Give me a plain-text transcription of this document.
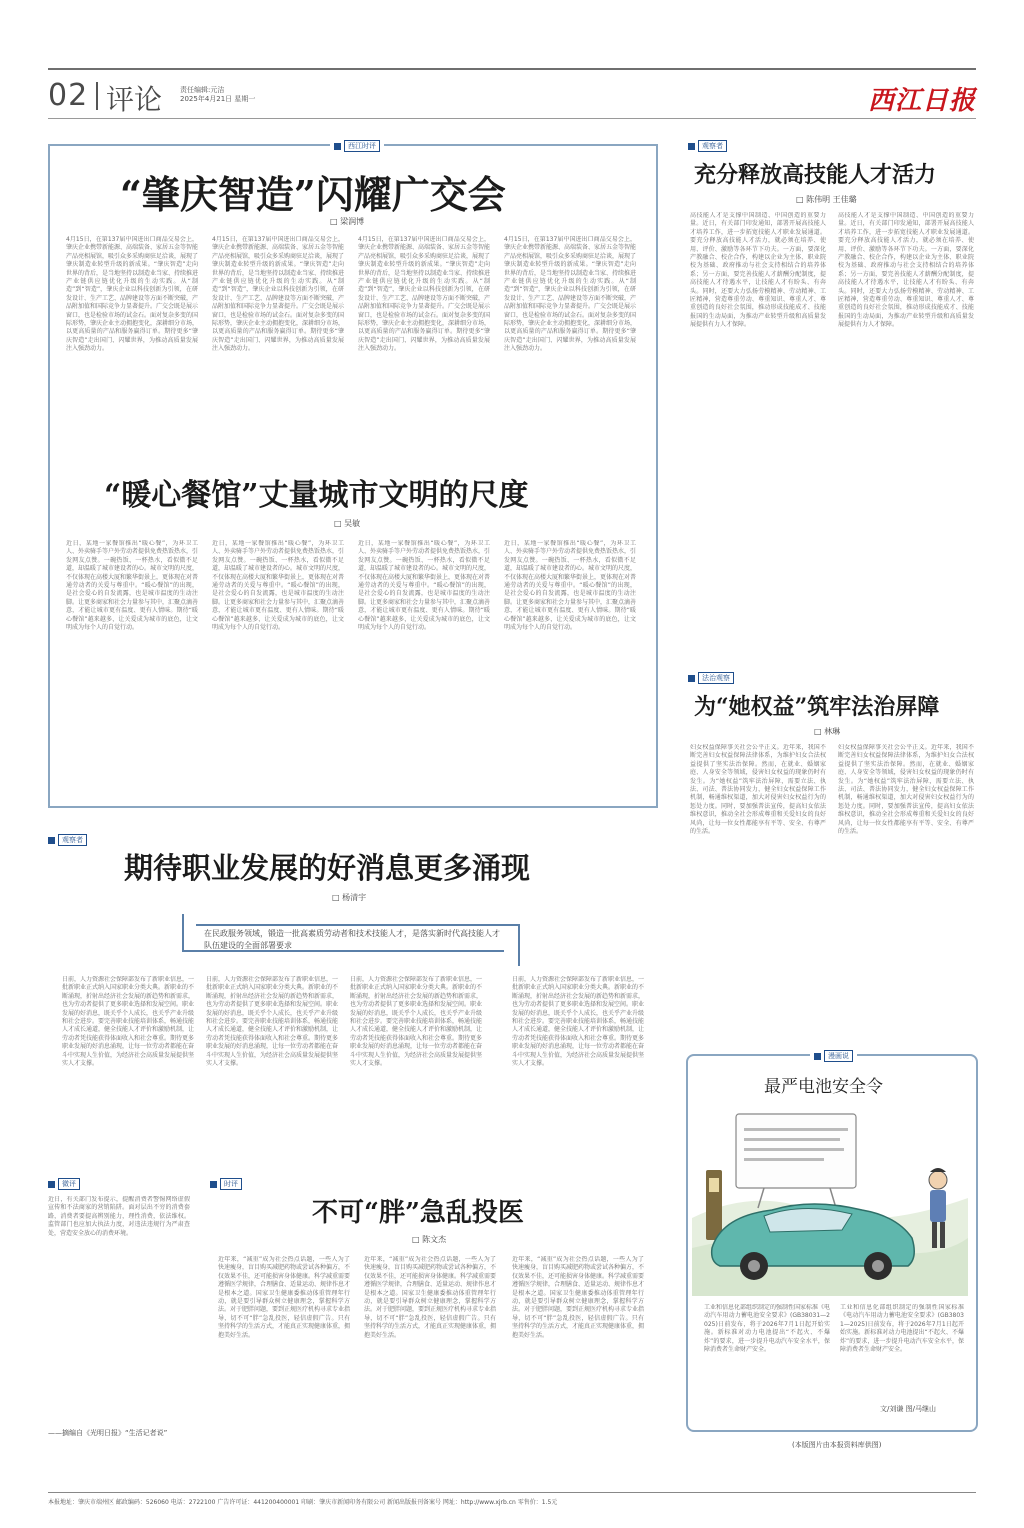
02 评论	责任编辑:元洁
2025年4月21日 星期一	西江日报
西江时评
“肇庆智造”闪耀广交会
□ 梁润博
4月15日，在第137届中国进出口商品交易会上，肇庆企业携带新能源、高端装备、家居五金等智能产品亮相展馆，吸引众多采购商驻足洽谈，展现了肇庆制造业转型升级的新成果。“肇庆智造”走向世界的背后，是当地坚持以制造业当家、持续推进产业链供应链优化升级的生动实践。从“制造”到“智造”，肇庆企业以科技创新为引领，在研发设计、生产工艺、品牌建设等方面不断突破，产品附加值和国际竞争力显著提升。广交会既是展示窗口，也是检验市场的试金石。面对复杂多变的国际形势，肇庆企业主动拥抱变化，深耕细分市场，以更高质量的产品和服务赢得订单。期待更多“肇庆智造”走出国门、闪耀世界，为推动高质量发展注入强劲动力。
4月15日，在第137届中国进出口商品交易会上，肇庆企业携带新能源、高端装备、家居五金等智能产品亮相展馆，吸引众多采购商驻足洽谈，展现了肇庆制造业转型升级的新成果。“肇庆智造”走向世界的背后，是当地坚持以制造业当家、持续推进产业链供应链优化升级的生动实践。从“制造”到“智造”，肇庆企业以科技创新为引领，在研发设计、生产工艺、品牌建设等方面不断突破，产品附加值和国际竞争力显著提升。广交会既是展示窗口，也是检验市场的试金石。面对复杂多变的国际形势，肇庆企业主动拥抱变化，深耕细分市场，以更高质量的产品和服务赢得订单。期待更多“肇庆智造”走出国门、闪耀世界，为推动高质量发展注入强劲动力。
4月15日，在第137届中国进出口商品交易会上，肇庆企业携带新能源、高端装备、家居五金等智能产品亮相展馆，吸引众多采购商驻足洽谈，展现了肇庆制造业转型升级的新成果。“肇庆智造”走向世界的背后，是当地坚持以制造业当家、持续推进产业链供应链优化升级的生动实践。从“制造”到“智造”，肇庆企业以科技创新为引领，在研发设计、生产工艺、品牌建设等方面不断突破，产品附加值和国际竞争力显著提升。广交会既是展示窗口，也是检验市场的试金石。面对复杂多变的国际形势，肇庆企业主动拥抱变化，深耕细分市场，以更高质量的产品和服务赢得订单。期待更多“肇庆智造”走出国门、闪耀世界，为推动高质量发展注入强劲动力。
4月15日，在第137届中国进出口商品交易会上，肇庆企业携带新能源、高端装备、家居五金等智能产品亮相展馆，吸引众多采购商驻足洽谈，展现了肇庆制造业转型升级的新成果。“肇庆智造”走向世界的背后，是当地坚持以制造业当家、持续推进产业链供应链优化升级的生动实践。从“制造”到“智造”，肇庆企业以科技创新为引领，在研发设计、生产工艺、品牌建设等方面不断突破，产品附加值和国际竞争力显著提升。广交会既是展示窗口，也是检验市场的试金石。面对复杂多变的国际形势，肇庆企业主动拥抱变化，深耕细分市场，以更高质量的产品和服务赢得订单。期待更多“肇庆智造”走出国门、闪耀世界，为推动高质量发展注入强劲动力。
“暖心餐馆”丈量城市文明的尺度
□ 吴敏
近日，某地一家餐馆推出“暖心餐”，为环卫工人、外卖骑手等户外劳动者提供免费热饭热水，引发网友点赞。一碗热饭、一杯热水，看似微不足道，却温暖了城市建设者的心。城市文明的尺度，不仅体现在高楼大厦和繁华街景上，更体现在对普通劳动者的关爱与尊重中。“暖心餐馆”的出现，是社会爱心的自发流露，也是城市温度的生动注脚。让更多商家和社会力量参与其中，汇聚点滴善意，才能让城市更有温度、更有人情味。期待“暖心餐馆”越来越多，让关爱成为城市的底色，让文明成为每个人的自觉行动。
近日，某地一家餐馆推出“暖心餐”，为环卫工人、外卖骑手等户外劳动者提供免费热饭热水，引发网友点赞。一碗热饭、一杯热水，看似微不足道，却温暖了城市建设者的心。城市文明的尺度，不仅体现在高楼大厦和繁华街景上，更体现在对普通劳动者的关爱与尊重中。“暖心餐馆”的出现，是社会爱心的自发流露，也是城市温度的生动注脚。让更多商家和社会力量参与其中，汇聚点滴善意，才能让城市更有温度、更有人情味。期待“暖心餐馆”越来越多，让关爱成为城市的底色，让文明成为每个人的自觉行动。
近日，某地一家餐馆推出“暖心餐”，为环卫工人、外卖骑手等户外劳动者提供免费热饭热水，引发网友点赞。一碗热饭、一杯热水，看似微不足道，却温暖了城市建设者的心。城市文明的尺度，不仅体现在高楼大厦和繁华街景上，更体现在对普通劳动者的关爱与尊重中。“暖心餐馆”的出现，是社会爱心的自发流露，也是城市温度的生动注脚。让更多商家和社会力量参与其中，汇聚点滴善意，才能让城市更有温度、更有人情味。期待“暖心餐馆”越来越多，让关爱成为城市的底色，让文明成为每个人的自觉行动。
近日，某地一家餐馆推出“暖心餐”，为环卫工人、外卖骑手等户外劳动者提供免费热饭热水，引发网友点赞。一碗热饭、一杯热水，看似微不足道，却温暖了城市建设者的心。城市文明的尺度，不仅体现在高楼大厦和繁华街景上，更体现在对普通劳动者的关爱与尊重中。“暖心餐馆”的出现，是社会爱心的自发流露，也是城市温度的生动注脚。让更多商家和社会力量参与其中，汇聚点滴善意，才能让城市更有温度、更有人情味。期待“暖心餐馆”越来越多，让关爱成为城市的底色，让文明成为每个人的自觉行动。
观察者
期待职业发展的好消息更多涌现
□ 杨清宇
在民政服务领域，锻造一批高素质劳动者和技术技能人才，是落实新时代高技能人才队伍建设的全面部署要求
日前，人力资源社会保障部发布了新职业信息，一批新职业正式纳入国家职业分类大典。新职业的不断涌现，折射出经济社会发展的新趋势和新需求，也为劳动者提供了更多职业选择和发展空间。职业发展的好消息，既关乎个人成长，也关乎产业升级和社会进步。要完善职业技能培训体系，畅通技能人才成长通道，健全技能人才评价和激励机制，让劳动者凭技能获得体面收入和社会尊重。期待更多职业发展的好消息涌现，让每一位劳动者都能在奋斗中实现人生价值，为经济社会高质量发展提供坚实人才支撑。
日前，人力资源社会保障部发布了新职业信息，一批新职业正式纳入国家职业分类大典。新职业的不断涌现，折射出经济社会发展的新趋势和新需求，也为劳动者提供了更多职业选择和发展空间。职业发展的好消息，既关乎个人成长，也关乎产业升级和社会进步。要完善职业技能培训体系，畅通技能人才成长通道，健全技能人才评价和激励机制，让劳动者凭技能获得体面收入和社会尊重。期待更多职业发展的好消息涌现，让每一位劳动者都能在奋斗中实现人生价值，为经济社会高质量发展提供坚实人才支撑。
日前，人力资源社会保障部发布了新职业信息，一批新职业正式纳入国家职业分类大典。新职业的不断涌现，折射出经济社会发展的新趋势和新需求，也为劳动者提供了更多职业选择和发展空间。职业发展的好消息，既关乎个人成长，也关乎产业升级和社会进步。要完善职业技能培训体系，畅通技能人才成长通道，健全技能人才评价和激励机制，让劳动者凭技能获得体面收入和社会尊重。期待更多职业发展的好消息涌现，让每一位劳动者都能在奋斗中实现人生价值，为经济社会高质量发展提供坚实人才支撑。
日前，人力资源社会保障部发布了新职业信息，一批新职业正式纳入国家职业分类大典。新职业的不断涌现，折射出经济社会发展的新趋势和新需求，也为劳动者提供了更多职业选择和发展空间。职业发展的好消息，既关乎个人成长，也关乎产业升级和社会进步。要完善职业技能培训体系，畅通技能人才成长通道，健全技能人才评价和激励机制，让劳动者凭技能获得体面收入和社会尊重。期待更多职业发展的好消息涌现，让每一位劳动者都能在奋斗中实现人生价值，为经济社会高质量发展提供坚实人才支撑。
微评
近日，有关部门发布提示，提醒消费者警惕网络虚假宣传和不法商家的营销陷阱。面对层出不穷的消费套路，消费者要提高辨别能力，理性消费，依法维权。监管部门也应加大执法力度，对违法违规行为严肃查处，营造安全放心的消费环境。
——摘编自《光明日报》“生活记者说”
时评
不可“胖”急乱投医
□ 陈文杰
近年来，“减重”成为社会热点话题，一些人为了快速瘦身，盲目购买减肥药物或尝试各种偏方，不仅效果不佳，还可能损害身体健康。科学减重需要遵循医学规律，合理膳食、适量运动、规律作息才是根本之道。国家卫生健康委推动体重管理年行动，就是要引导群众树立健康理念，掌握科学方法。对于肥胖问题，要到正规医疗机构寻求专业指导，切不可“胖”急乱投医，轻信虚假广告。只有坚持科学的生活方式，才能真正实现健康体重，拥抱美好生活。
近年来，“减重”成为社会热点话题，一些人为了快速瘦身，盲目购买减肥药物或尝试各种偏方，不仅效果不佳，还可能损害身体健康。科学减重需要遵循医学规律，合理膳食、适量运动、规律作息才是根本之道。国家卫生健康委推动体重管理年行动，就是要引导群众树立健康理念，掌握科学方法。对于肥胖问题，要到正规医疗机构寻求专业指导，切不可“胖”急乱投医，轻信虚假广告。只有坚持科学的生活方式，才能真正实现健康体重，拥抱美好生活。
近年来，“减重”成为社会热点话题，一些人为了快速瘦身，盲目购买减肥药物或尝试各种偏方，不仅效果不佳，还可能损害身体健康。科学减重需要遵循医学规律，合理膳食、适量运动、规律作息才是根本之道。国家卫生健康委推动体重管理年行动，就是要引导群众树立健康理念，掌握科学方法。对于肥胖问题，要到正规医疗机构寻求专业指导，切不可“胖”急乱投医，轻信虚假广告。只有坚持科学的生活方式，才能真正实现健康体重，拥抱美好生活。
观察者
充分释放高技能人才活力
□ 陈伟明 王佳璐
高技能人才是支撑中国制造、中国创造的重要力量。近日，有关部门印发通知，部署开展高技能人才培养工作，进一步拓宽技能人才职业发展通道。要充分释放高技能人才活力，就必须在培养、使用、评价、激励等各环节下功夫。一方面，要深化产教融合、校企合作，构建以企业为主体、职业院校为基础、政府推动与社会支持相结合的培养体系；另一方面，要完善技能人才薪酬分配制度，提高技能人才待遇水平，让技能人才有盼头、有奔头。同时，还要大力弘扬劳模精神、劳动精神、工匠精神，营造尊重劳动、尊重知识、尊重人才、尊重创造的良好社会氛围，推动形成技能成才、技能报国的生动局面，为推动产业转型升级和高质量发展提供有力人才保障。
高技能人才是支撑中国制造、中国创造的重要力量。近日，有关部门印发通知，部署开展高技能人才培养工作，进一步拓宽技能人才职业发展通道。要充分释放高技能人才活力，就必须在培养、使用、评价、激励等各环节下功夫。一方面，要深化产教融合、校企合作，构建以企业为主体、职业院校为基础、政府推动与社会支持相结合的培养体系；另一方面，要完善技能人才薪酬分配制度，提高技能人才待遇水平，让技能人才有盼头、有奔头。同时，还要大力弘扬劳模精神、劳动精神、工匠精神，营造尊重劳动、尊重知识、尊重人才、尊重创造的良好社会氛围，推动形成技能成才、技能报国的生动局面，为推动产业转型升级和高质量发展提供有力人才保障。
法治观察
为“她权益”筑牢法治屏障
□ 林琳
妇女权益保障事关社会公平正义。近年来，我国不断完善妇女权益保障法律体系，为维护妇女合法权益提供了坚实法治保障。然而，在就业、婚姻家庭、人身安全等领域，侵害妇女权益的现象仍时有发生。为“她权益”筑牢法治屏障，需要立法、执法、司法、普法协同发力，健全妇女权益保障工作机制，畅通维权渠道，加大对侵害妇女权益行为的惩处力度。同时，要加强普法宣传，提高妇女依法维权意识，推动全社会形成尊重和关爱妇女的良好风尚，让每一位女性都能享有平等、安全、有尊严的生活。
妇女权益保障事关社会公平正义。近年来，我国不断完善妇女权益保障法律体系，为维护妇女合法权益提供了坚实法治保障。然而，在就业、婚姻家庭、人身安全等领域，侵害妇女权益的现象仍时有发生。为“她权益”筑牢法治屏障，需要立法、执法、司法、普法协同发力，健全妇女权益保障工作机制，畅通维权渠道，加大对侵害妇女权益行为的惩处力度。同时，要加强普法宣传，提高妇女依法维权意识，推动全社会形成尊重和关爱妇女的良好风尚，让每一位女性都能享有平等、安全、有尊严的生活。
漫画说
最严电池安全令
工业和信息化部组织制定的强制性国家标准《电动汽车用动力蓄电池安全要求》(GB38031—2025)日前发布，将于2026年7月1日起开始实施。新标准对动力电池提出“不起火、不爆炸”的要求，进一步提升电动汽车安全水平，保障消费者生命财产安全。
工业和信息化部组织制定的强制性国家标准《电动汽车用动力蓄电池安全要求》(GB38031—2025)日前发布，将于2026年7月1日起开始实施。新标准对动力电池提出“不起火、不爆炸”的要求，进一步提升电动汽车安全水平，保障消费者生命财产安全。
文/刘谦 图/马继山
(本版图片由本报资料库供图)
本报地址：肇庆市端州区 邮政编码：526060 电话：2722100 广告许可证：441200400001 印刷：肇庆市新闻印务有限公司 新闻出版报刊备案号 网址：http://www.xjrb.cn 零售价：1.5元
